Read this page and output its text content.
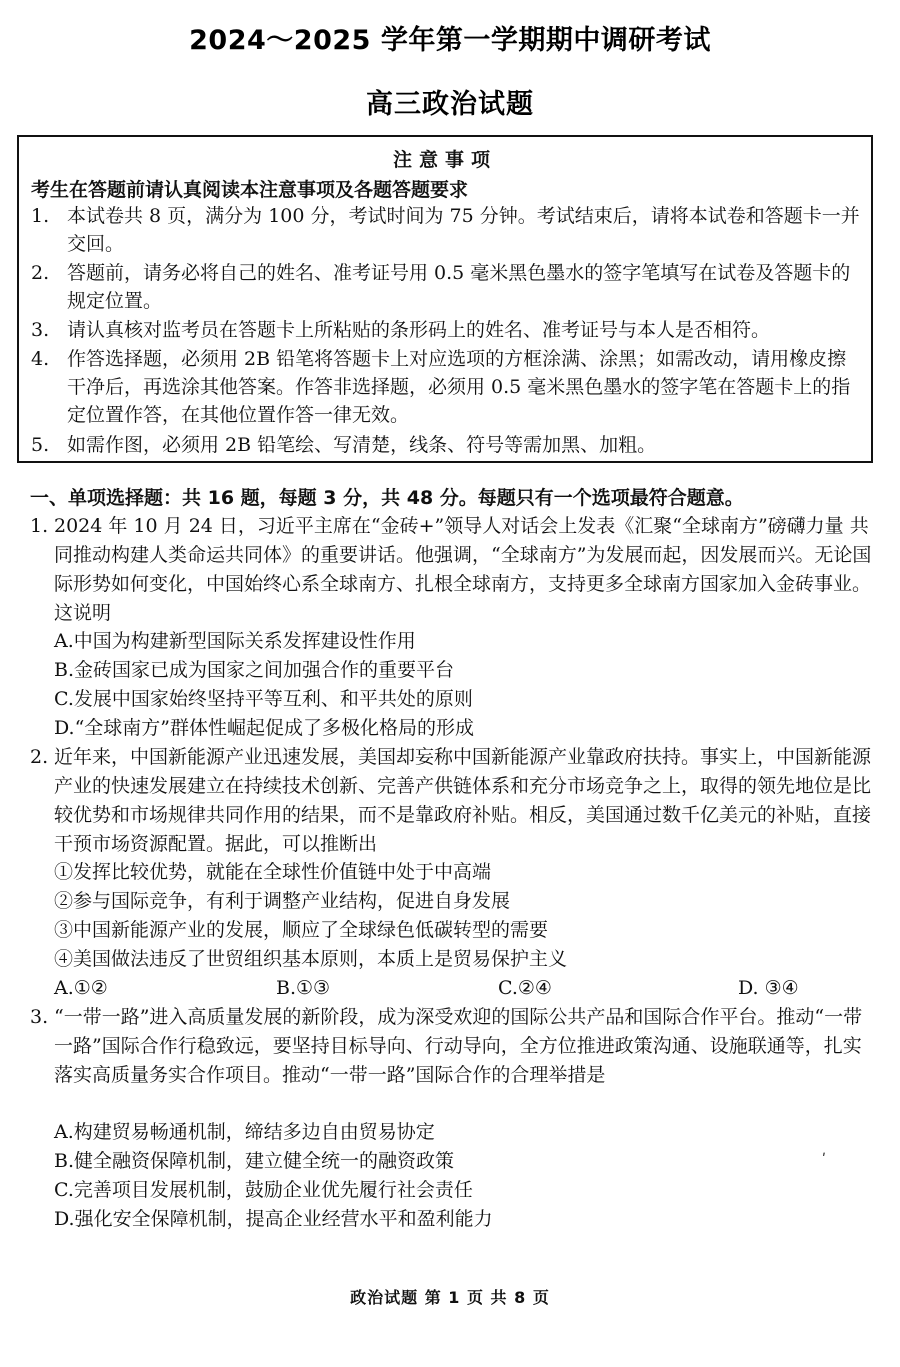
2024～2025 学年第一学期期中调研考试
高三政治试题
注意事项
考生在答题前请认真阅读本注意事项及各题答题要求
1. 本试卷共 8 页，满分为 100 分，考试时间为 75 分钟。考试结束后，请将本试卷和答题卡一并交回。
2. 答题前，请务必将自己的姓名、准考证号用 0.5 毫米黑色墨水的签字笔填写在试卷及答题卡的规定位置。
3. 请认真核对监考员在答题卡上所粘贴的条形码上的姓名、准考证号与本人是否相符。
4. 作答选择题，必须用 2B 铅笔将答题卡上对应选项的方框涂满、涂黑；如需改动，请用橡皮擦干净后，再选涂其他答案。作答非选择题，必须用 0.5 毫米黑色墨水的签字笔在答题卡上的指定位置作答，在其他位置作答一律无效。
5. 如需作图，必须用 2B 铅笔绘、写清楚，线条、符号等需加黑、加粗。
一、单项选择题：共 16 题，每题 3 分，共 48 分。每题只有一个选项最符合题意。
1. 2024 年 10 月 24 日，习近平主席在“金砖+”领导人对话会上发表《汇聚“全球南方”磅礴力量 共同推动构建人类命运共同体》的重要讲话。他强调，“全球南方”为发展而起，因发展而兴。无论国际形势如何变化，中国始终心系全球南方、扎根全球南方，支持更多全球南方国家加入金砖事业。这说明
A.中国为构建新型国际关系发挥建设性作用
B.金砖国家已成为国家之间加强合作的重要平台
C.发展中国家始终坚持平等互利、和平共处的原则
D.“全球南方”群体性崛起促成了多极化格局的形成
2. 近年来，中国新能源产业迅速发展，美国却妄称中国新能源产业靠政府扶持。事实上，中国新能源产业的快速发展建立在持续技术创新、完善产供链体系和充分市场竞争之上，取得的领先地位是比较优势和市场规律共同作用的结果，而不是靠政府补贴。相反，美国通过数千亿美元的补贴，直接干预市场资源配置。据此，可以推断出
①发挥比较优势，就能在全球性价值链中处于中高端
②参与国际竞争，有利于调整产业结构，促进自身发展
③中国新能源产业的发展，顺应了全球绿色低碳转型的需要
④美国做法违反了世贸组织基本原则，本质上是贸易保护主义
A.①②	B.①③	C.②④	D. ③④
3. “一带一路”进入高质量发展的新阶段，成为深受欢迎的国际公共产品和国际合作平台。推动“一带一路”国际合作行稳致远，要坚持目标导向、行动导向，全方位推进政策沟通、设施联通等，扎实落实高质量务实合作项目。推动“一带一路”国际合作的合理举措是
A.构建贸易畅通机制，缔结多边自由贸易协定
B.健全融资保障机制，建立健全统一的融资政策
C.完善项目发展机制，鼓励企业优先履行社会责任
D.强化安全保障机制，提高企业经营水平和盈利能力
ʹ
政治试题 第 1 页 共 8 页
